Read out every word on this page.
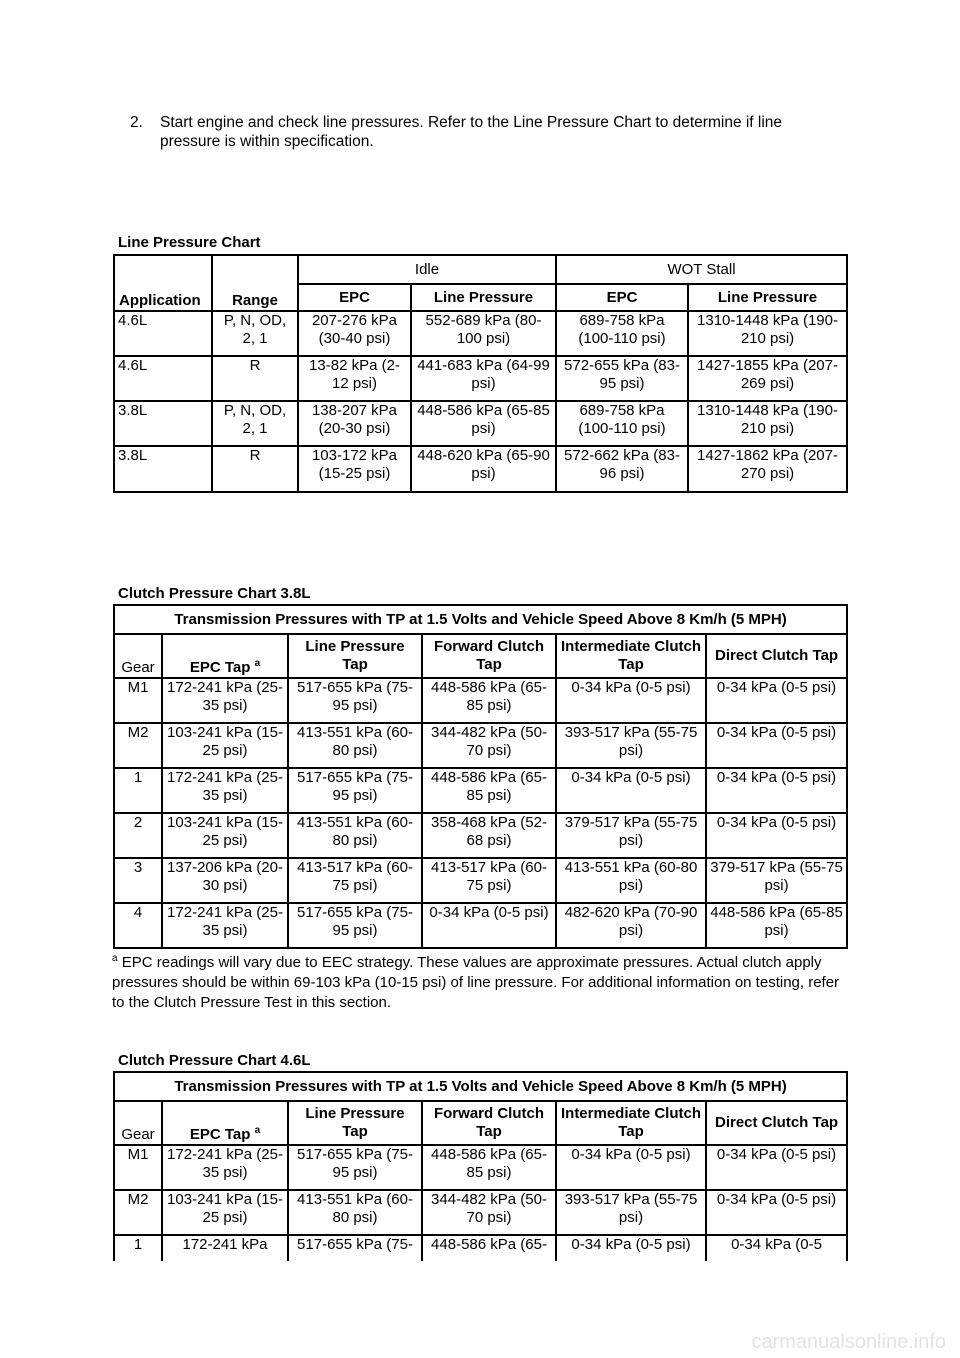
2.	Start engine and check line pressures. Refer to the Line Pressure Chart to determine if line pressure is within specification.
Line Pressure Chart
		Idle		WOT Stall	
Application	Range	EPC	Line Pressure	EPC	Line Pressure
4.6L	P, N, OD, 2, 1	207-276 kPa (30-40 psi)	552-689 kPa (80-100 psi)	689-758 kPa (100-110 psi)	1310-1448 kPa (190-210 psi)
4.6L	R	13-82 kPa (2-12 psi)	441-683 kPa (64-99 psi)	572-655 kPa (83-95 psi)	1427-1855 kPa (207-269 psi)
3.8L	P, N, OD, 2, 1	138-207 kPa (20-30 psi)	448-586 kPa (65-85 psi)	689-758 kPa (100-110 psi)	1310-1448 kPa (190-210 psi)
3.8L	R	103-172 kPa (15-25 psi)	448-620 kPa (65-90 psi)	572-662 kPa (83-96 psi)	1427-1862 kPa (207-270 psi)
Clutch Pressure Chart 3.8L
Transmission Pressures with TP at 1.5 Volts and Vehicle Speed Above 8 Km/h (5 MPH)					
Gear	EPC Tap $^a$	Line Pressure Tap	Forward Clutch Tap	Intermediate Clutch Tap	Direct Clutch Tap
M1	172-241 kPa (25-35 psi)	517-655 kPa (75-95 psi)	448-586 kPa (65-85 psi)	0-34 kPa (0-5 psi)	0-34 kPa (0-5 psi)
M2	103-241 kPa (15-25 psi)	413-551 kPa (60-80 psi)	344-482 kPa (50-70 psi)	393-517 kPa (55-75 psi)	0-34 kPa (0-5 psi)
1	172-241 kPa (25-35 psi)	517-655 kPa (75-95 psi)	448-586 kPa (65-85 psi)	0-34 kPa (0-5 psi)	0-34 kPa (0-5 psi)
2	103-241 kPa (15-25 psi)	413-551 kPa (60-80 psi)	358-468 kPa (52-68 psi)	379-517 kPa (55-75 psi)	0-34 kPa (0-5 psi)
3	137-206 kPa (20-30 psi)	413-517 kPa (60-75 psi)	413-517 kPa (60-75 psi)	413-551 kPa (60-80 psi)	379-517 kPa (55-75 psi)
4	172-241 kPa (25-35 psi)	517-655 kPa (75-95 psi)	0-34 kPa (0-5 psi)	482-620 kPa (70-90 psi)	448-586 kPa (65-85 psi)
$^a$ EPC readings will vary due to EEC strategy. These values are approximate pressures. Actual clutch apply pressures should be within 69-103 kPa (10-15 psi) of line pressure. For additional information on testing, refer to the Clutch Pressure Test in this section.
Clutch Pressure Chart 4.6L
Transmission Pressures with TP at 1.5 Volts and Vehicle Speed Above 8 Km/h (5 MPH)					
Gear	EPC Tap $^a$	Line Pressure Tap	Forward Clutch Tap	Intermediate Clutch Tap	Direct Clutch Tap
M1	172-241 kPa (25-35 psi)	517-655 kPa (75-95 psi)	448-586 kPa (65-85 psi)	0-34 kPa (0-5 psi)	0-34 kPa (0-5 psi)
M2	103-241 kPa (15-25 psi)	413-551 kPa (60-80 psi)	344-482 kPa (50-70 psi)	393-517 kPa (55-75 psi)	0-34 kPa (0-5 psi)
1	172-241 kPa	517-655 kPa (75-	448-586 kPa (65-	0-34 kPa (0-5 psi)	0-34 kPa (0-5
carmanualsonline.info
